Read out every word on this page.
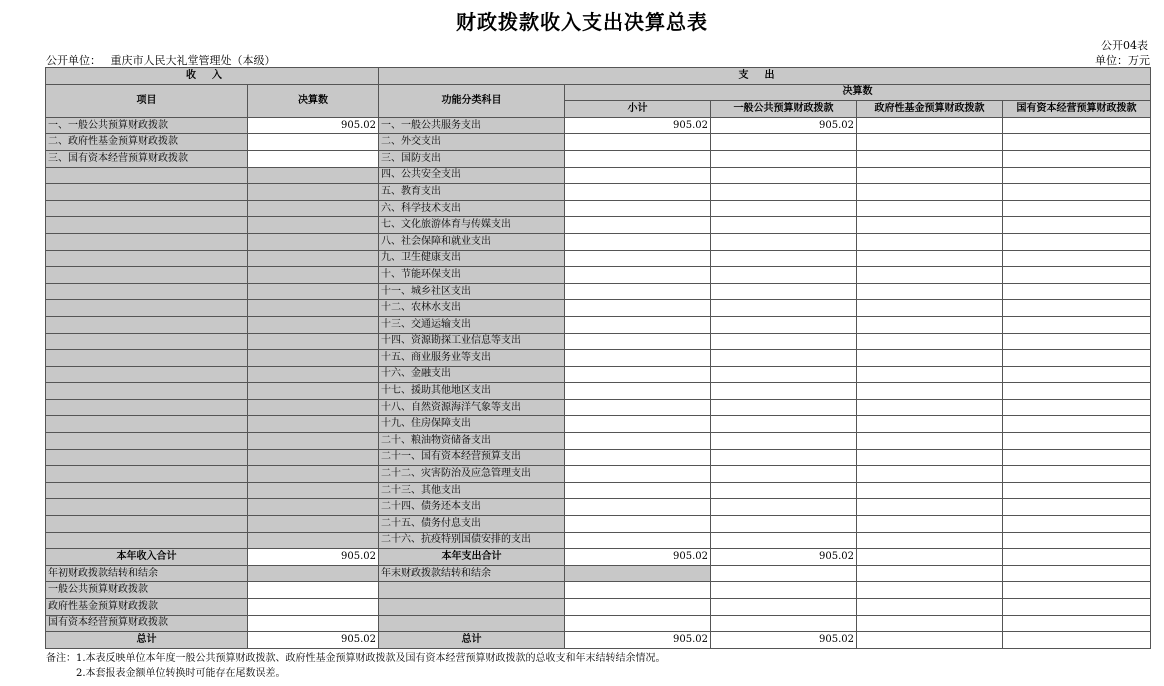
财政拨款收入支出决算总表
公开04表
公开单位： 重庆市人民大礼堂管理处（本级）	单位：万元
收入		支出				
项目	决算数	功能分类科目	决算数			
			小计	一般公共预算财政拨款	政府性基金预算财政拨款	国有资本经营预算财政拨款
一、一般公共预算财政拨款	905.02	一、一般公共服务支出	905.02	905.02		
二、政府性基金预算财政拨款		二、外交支出				
三、国有资本经营预算财政拨款		三、国防支出				
		四、公共安全支出				
		五、教育支出				
		六、科学技术支出				
		七、文化旅游体育与传媒支出				
		八、社会保障和就业支出				
		九、卫生健康支出				
		十、节能环保支出				
		十一、城乡社区支出				
		十二、农林水支出				
		十三、交通运输支出				
		十四、资源勘探工业信息等支出				
		十五、商业服务业等支出				
		十六、金融支出				
		十七、援助其他地区支出				
		十八、自然资源海洋气象等支出				
		十九、住房保障支出				
		二十、粮油物资储备支出				
		二十一、国有资本经营预算支出				
		二十二、灾害防治及应急管理支出				
		二十三、其他支出				
		二十四、债务还本支出				
		二十五、债务付息支出				
		二十六、抗疫特别国债安排的支出				
本年收入合计	905.02	本年支出合计	905.02	905.02		
年初财政拨款结转和结余		年末财政拨款结转和结余				
一般公共预算财政拨款						
政府性基金预算财政拨款						
国有资本经营预算财政拨款						
总计	905.02	总计	905.02	905.02		
备注：1.本表反映单位本年度一般公共预算财政拨款、政府性基金预算财政拨款及国有资本经营预算财政拨款的总收支和年末结转结余情况。
2.本套报表金额单位转换时可能存在尾数误差。
